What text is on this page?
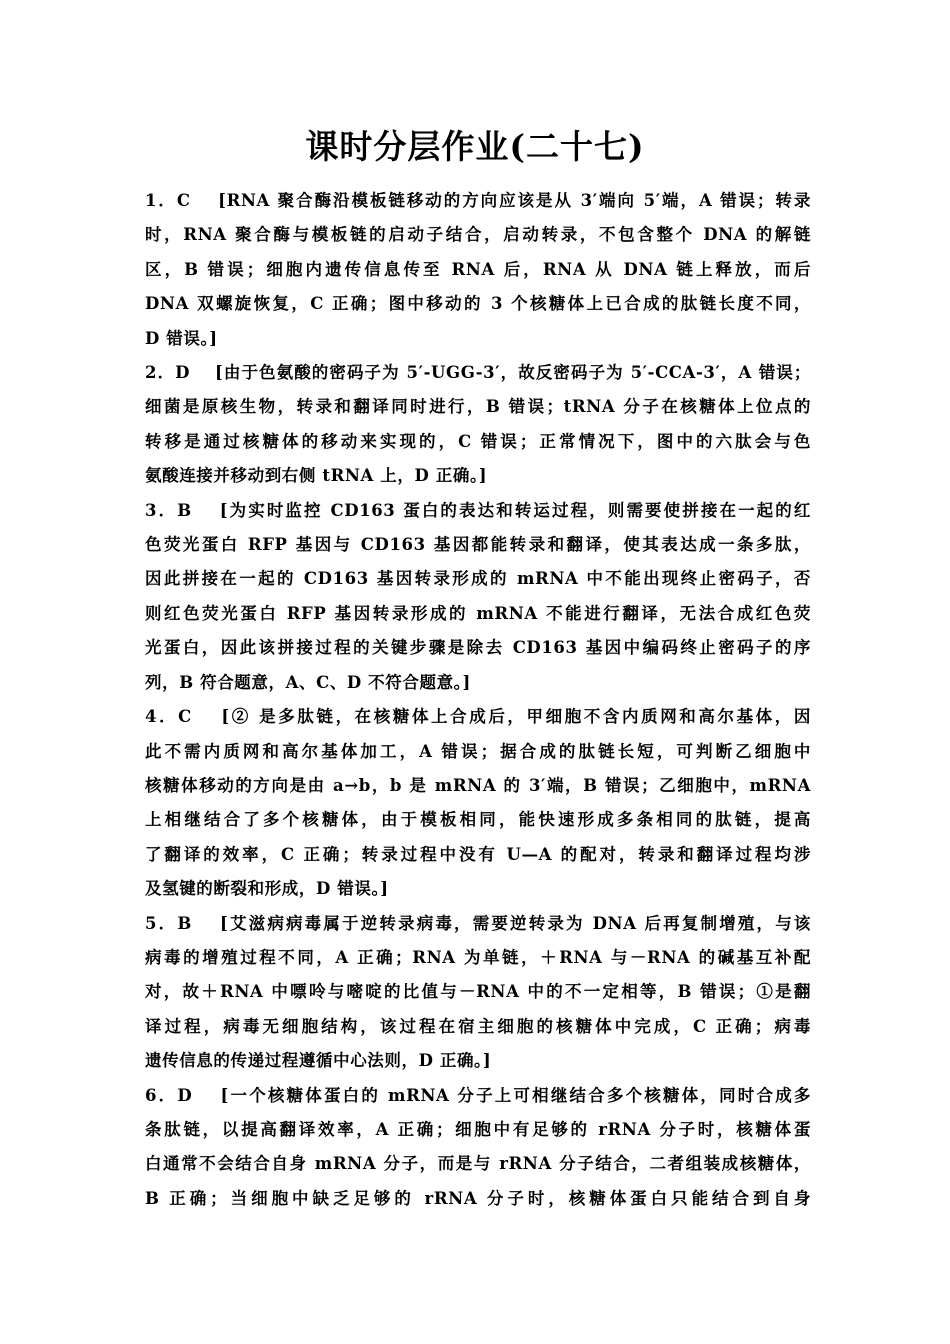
课时分层作业(二十七)
1．C　 [RNA 聚合酶沿模板链移动的方向应该是从 3′端向 5′端，A 错误；转录
时，RNA 聚合酶与模板链的启动子结合，启动转录，不包含整个 DNA 的解链
区，B 错误；细胞内遗传信息传至 RNA 后，RNA 从 DNA 链上释放，而后
DNA 双螺旋恢复，C 正确；图中移动的 3 个核糖体上已合成的肽链长度不同，
D 错误。]
2．D　 [由于色氨酸的密码子为 5′-UGG-3′，故反密码子为 5′-CCA-3′，A 错误；
细菌是原核生物，转录和翻译同时进行，B 错误；tRNA 分子在核糖体上位点的
转移是通过核糖体的移动来实现的，C 错误；正常情况下，图中的六肽会与色
氨酸连接并移动到右侧 tRNA 上，D 正确。]
3．B　 [为实时监控 CD163 蛋白的表达和转运过程，则需要使拼接在一起的红
色荧光蛋白 RFP 基因与 CD163 基因都能转录和翻译，使其表达成一条多肽，
因此拼接在一起的 CD163 基因转录形成的 mRNA 中不能出现终止密码子，否
则红色荧光蛋白 RFP 基因转录形成的 mRNA 不能进行翻译，无法合成红色荧
光蛋白，因此该拼接过程的关键步骤是除去 CD163 基因中编码终止密码子的序
列，B 符合题意，A、C、D 不符合题意。]
4．C　 [② 是多肽链，在核糖体上合成后，甲细胞不含内质网和高尔基体，因
此不需内质网和高尔基体加工，A 错误；据合成的肽链长短，可判断乙细胞中
核糖体移动的方向是由 a→b，b 是 mRNA 的 3′端，B 错误；乙细胞中，mRNA
上相继结合了多个核糖体，由于模板相同，能快速形成多条相同的肽链，提高
了翻译的效率，C 正确；转录过程中没有 U—A 的配对，转录和翻译过程均涉
及氢键的断裂和形成，D 错误。]
5．B　 [艾滋病病毒属于逆转录病毒，需要逆转录为 DNA 后再复制增殖，与该
病毒的增殖过程不同，A 正确；RNA 为单链，＋RNA 与－RNA 的碱基互补配
对，故＋RNA 中嘌呤与嘧啶的比值与－RNA 中的不一定相等，B 错误；①是翻
译过程，病毒无细胞结构，该过程在宿主细胞的核糖体中完成，C 正确；病毒
遗传信息的传递过程遵循中心法则，D 正确。]
6．D　 [一个核糖体蛋白的 mRNA 分子上可相继结合多个核糖体，同时合成多
条肽链，以提高翻译效率，A 正确；细胞中有足够的 rRNA 分子时，核糖体蛋
白通常不会结合自身 mRNA 分子，而是与 rRNA 分子结合，二者组装成核糖体，
B 正确；当细胞中缺乏足够的 rRNA 分子时，核糖体蛋白只能结合到自身
